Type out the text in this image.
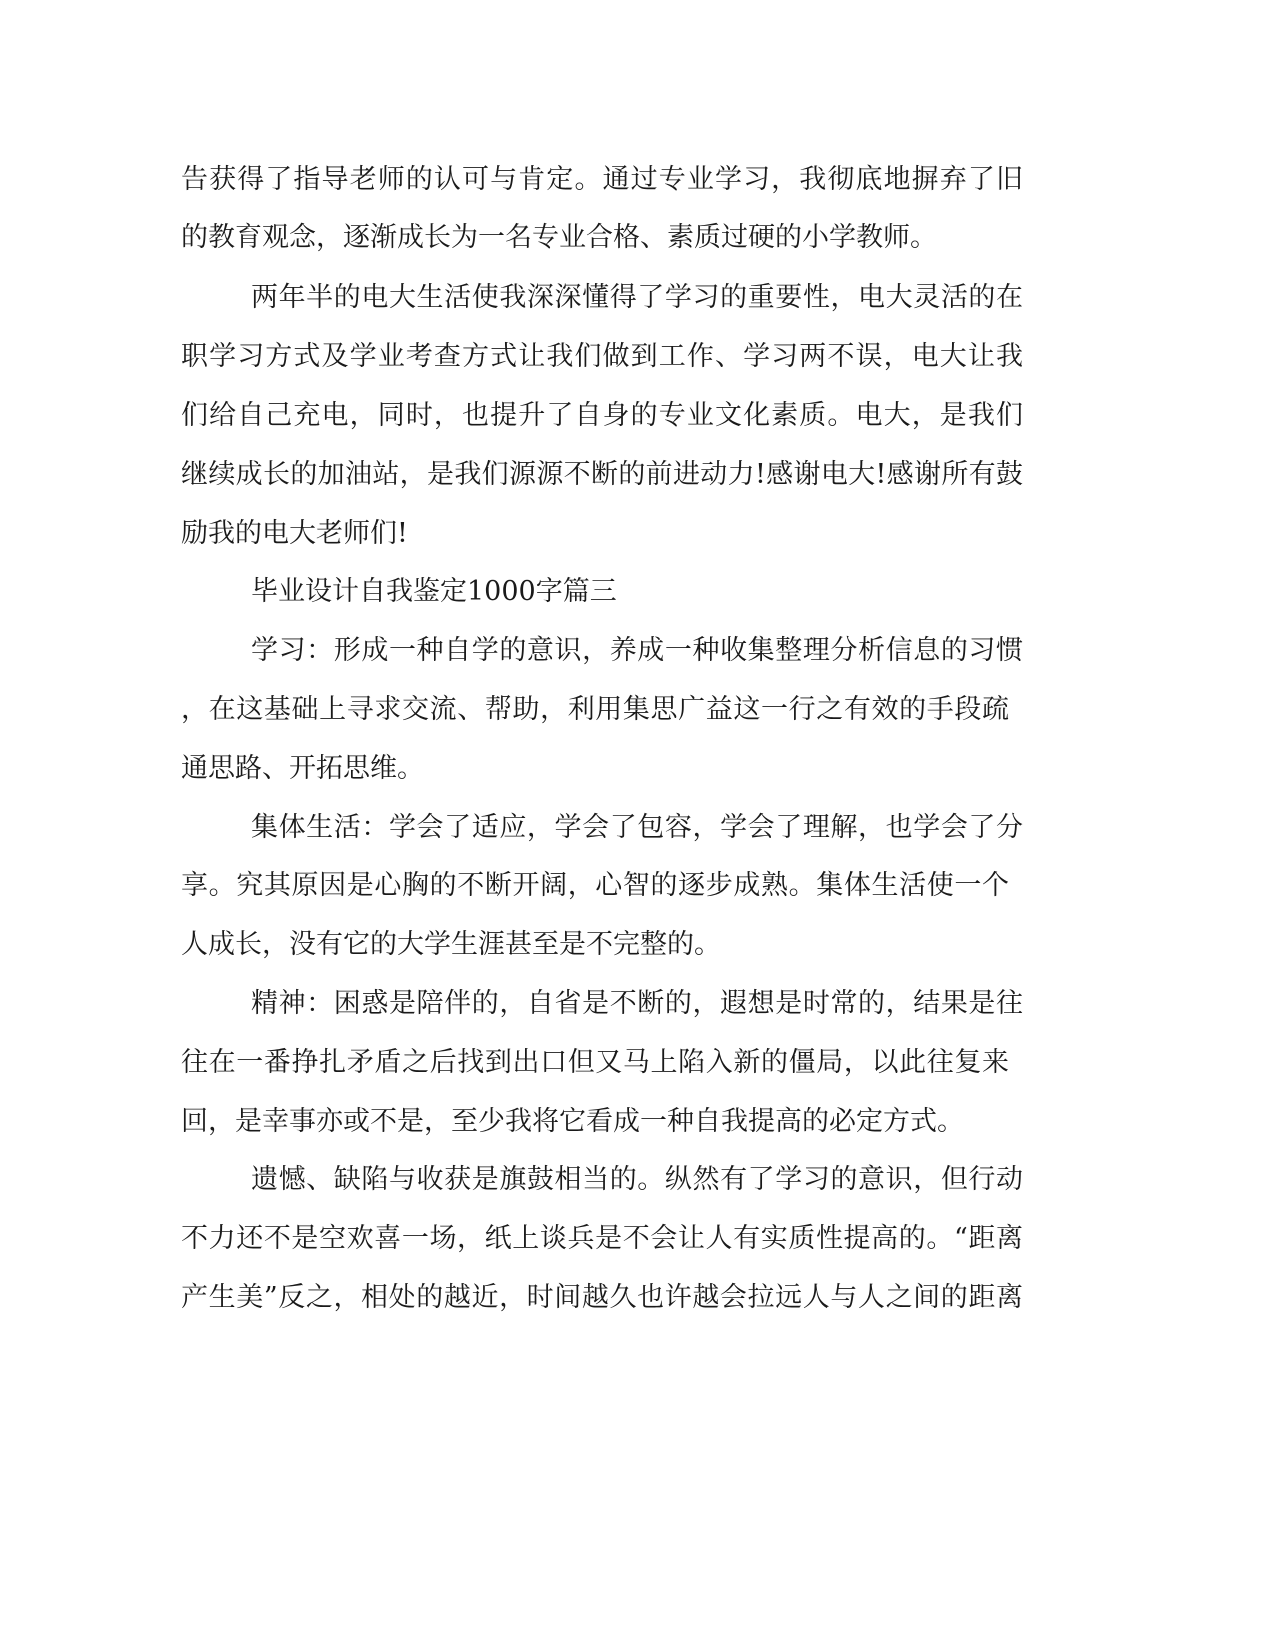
告获得了指导老师的认可与肯定。通过专业学习，我彻底地摒弃了旧
的教育观念，逐渐成长为一名专业合格、素质过硬的小学教师。
两年半的电大生活使我深深懂得了学习的重要性，电大灵活的在
职学习方式及学业考查方式让我们做到工作、学习两不误，电大让我
们给自己充电，同时，也提升了自身的专业文化素质。电大，是我们
继续成长的加油站，是我们源源不断的前进动力!感谢电大!感谢所有鼓
励我的电大老师们!
毕业设计自我鉴定1000字篇三
学习：形成一种自学的意识，养成一种收集整理分析信息的习惯
，在这基础上寻求交流、帮助，利用集思广益这一行之有效的手段疏
通思路、开拓思维。
集体生活：学会了适应，学会了包容，学会了理解，也学会了分
享。究其原因是心胸的不断开阔，心智的逐步成熟。集体生活使一个
人成长，没有它的大学生涯甚至是不完整的。
精神：困惑是陪伴的，自省是不断的，遐想是时常的，结果是往
往在一番挣扎矛盾之后找到出口但又马上陷入新的僵局，以此往复来
回，是幸事亦或不是，至少我将它看成一种自我提高的必定方式。
遗憾、缺陷与收获是旗鼓相当的。纵然有了学习的意识，但行动
不力还不是空欢喜一场，纸上谈兵是不会让人有实质性提高的。“距离
产生美”反之，相处的越近，时间越久也许越会拉远人与人之间的距离
